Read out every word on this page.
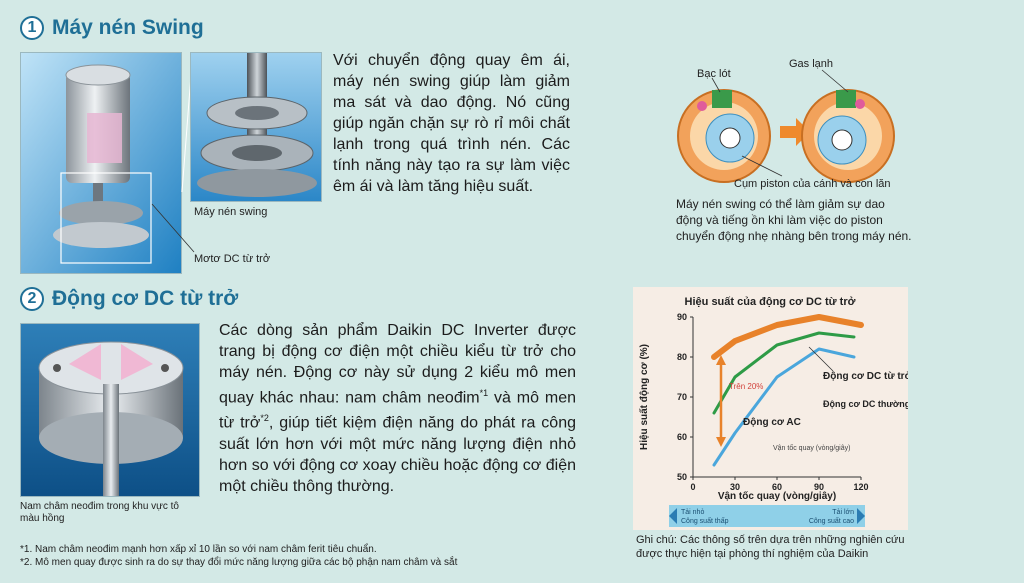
1 Máy nén Swing
Máy nén swing
Mơtơ DC từ trở
Với chuyển động quay êm ái, máy nén swing giúp làm giảm ma sát và dao động. Nó cũng giúp ngăn chặn sự rò rỉ môi chất lạnh trong quá trình nén. Các tính năng này tạo ra sự làm việc êm ái và làm tăng hiệu suất.
Bạc lót
Gas lạnh
Cụm piston của cánh và con lăn
Máy nén swing có thể làm giảm sự dao động và tiếng ồn khi làm việc do piston chuyển động nhẹ nhàng bên trong máy nén.
2 Động cơ DC từ trở
Nam châm neođim trong khu vực tô màu hồng
Các dòng sản phẩm Daikin DC Inverter được trang bị động cơ điện một chiều kiểu từ trở cho máy nén. Động cơ này sử dụng 2 kiểu mô men quay khác nhau: nam châm neođim$^{*1}$ và mô men từ trở$^{*2}$, giúp tiết kiệm điện năng do phát ra công suất lớn hơn với một mức năng lượng điện nhỏ hơn so với động cơ xoay chiều hoặc động cơ điện một chiều thông thường.
*1. Nam châm neođim mạnh hơn xấp xỉ 10 lần so với nam châm ferit tiêu chuẩn.
*2. Mô men quay được sinh ra do sự thay đổi mức năng lượng giữa các bộ phận nam châm và sắt
Hiệu suất của động cơ DC từ trở
Hiệu suất động cơ (%)
Vận tốc quay (vòng/giây)
50
60
70
80
90
0	30	60	90	120
Động cơ DC từ trở
Động cơ AC
Trên 20%
Vận tốc quay (vòng/giây)
Tải nhỏ
Công suất thấp
Tải lớn
Công suất cao
Động cơ DC thường
Ghi chú: Các thông số trên dựa trên những nghiên cứu được thực hiện tại phòng thí nghiệm của Daikin
